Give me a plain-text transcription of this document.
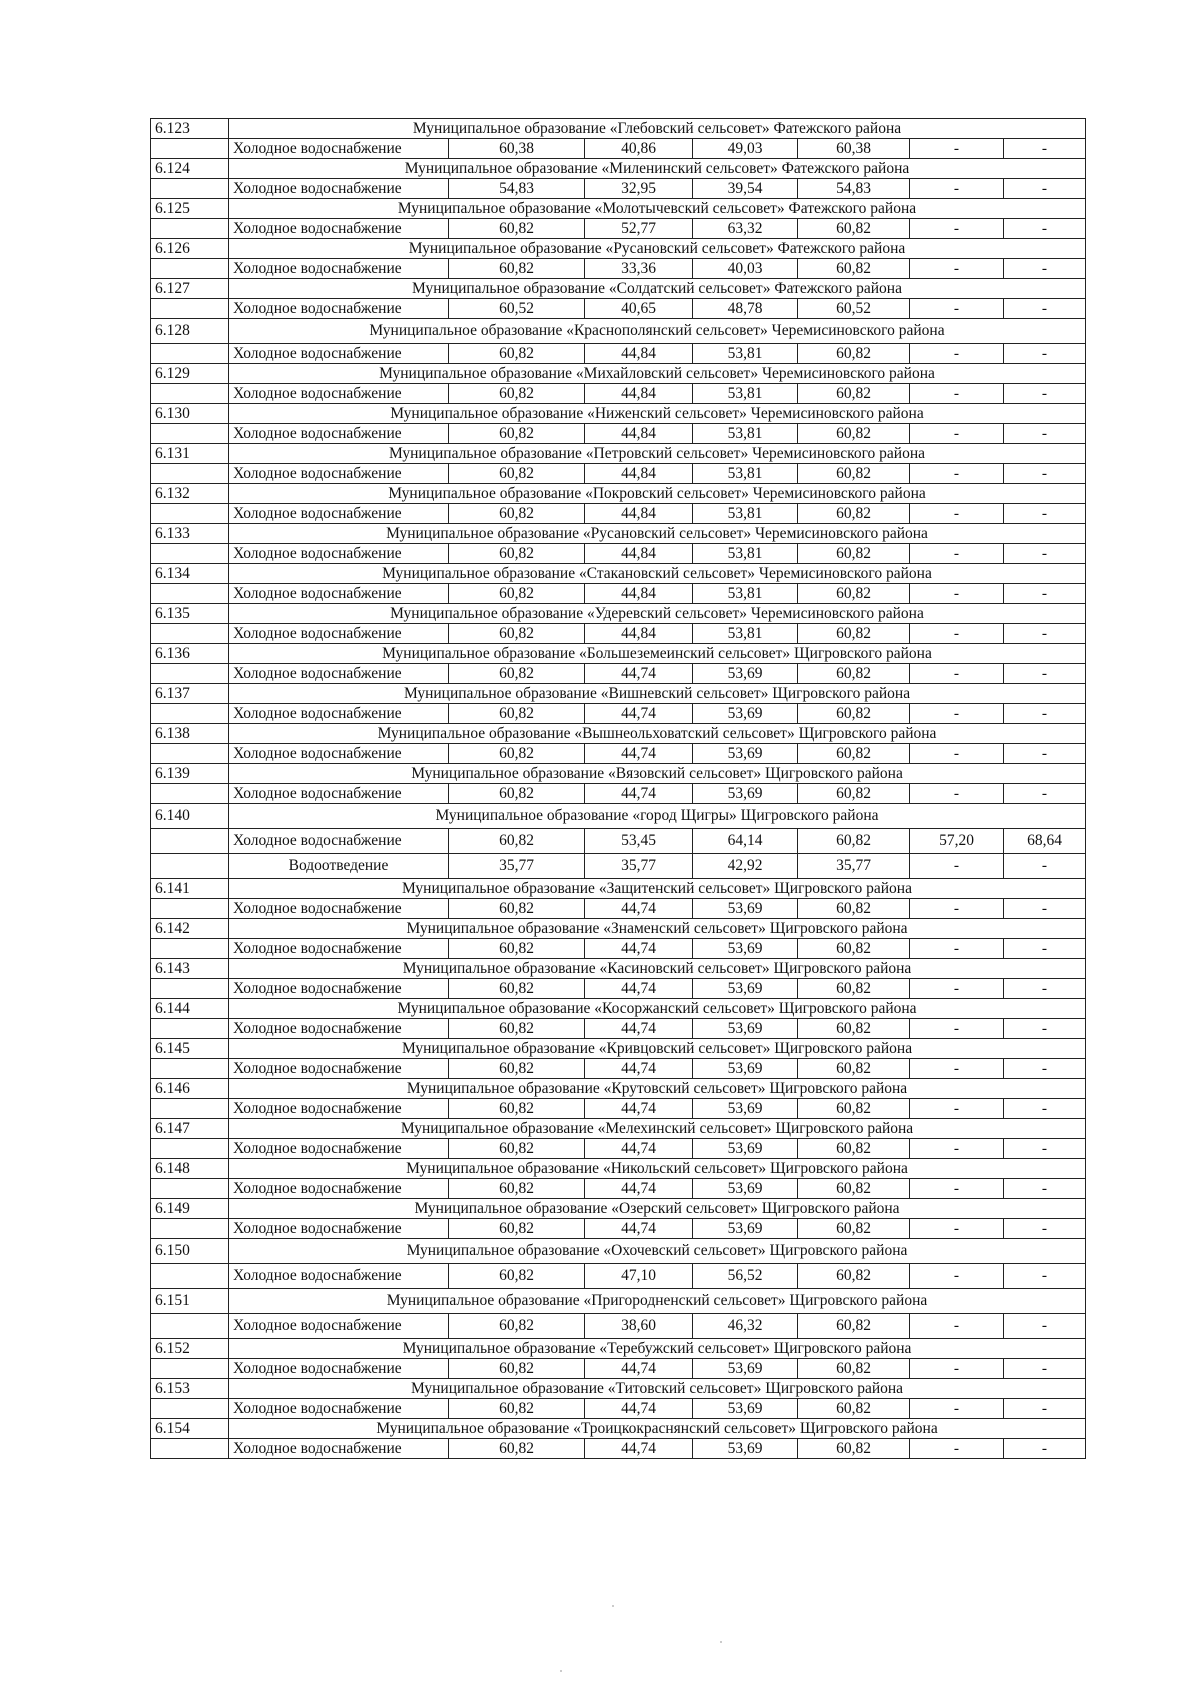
6.123	Муниципальное образование «Глебовский сельсовет» Фатежского района						
	Холодное водоснабжение	60,38	40,86	49,03	60,38	-	-
6.124	Муниципальное образование «Миленинский сельсовет» Фатежского района						
	Холодное водоснабжение	54,83	32,95	39,54	54,83	-	-
6.125	Муниципальное образование «Молотычевский сельсовет» Фатежского района						
	Холодное водоснабжение	60,82	52,77	63,32	60,82	-	-
6.126	Муниципальное образование «Русановский сельсовет» Фатежского района						
	Холодное водоснабжение	60,82	33,36	40,03	60,82	-	-
6.127	Муниципальное образование «Солдатский сельсовет» Фатежского района						
	Холодное водоснабжение	60,52	40,65	48,78	60,52	-	-
6.128	Муниципальное образование «Краснополянский сельсовет» Черемисиновского района						
	Холодное водоснабжение	60,82	44,84	53,81	60,82	-	-
6.129	Муниципальное образование «Михайловский сельсовет» Черемисиновского района						
	Холодное водоснабжение	60,82	44,84	53,81	60,82	-	-
6.130	Муниципальное образование «Ниженский сельсовет» Черемисиновского района						
	Холодное водоснабжение	60,82	44,84	53,81	60,82	-	-
6.131	Муниципальное образование «Петровский сельсовет» Черемисиновского района						
	Холодное водоснабжение	60,82	44,84	53,81	60,82	-	-
6.132	Муниципальное образование «Покровский сельсовет» Черемисиновского района						
	Холодное водоснабжение	60,82	44,84	53,81	60,82	-	-
6.133	Муниципальное образование «Русановский сельсовет» Черемисиновского района						
	Холодное водоснабжение	60,82	44,84	53,81	60,82	-	-
6.134	Муниципальное образование «Стакановский сельсовет» Черемисиновского района						
	Холодное водоснабжение	60,82	44,84	53,81	60,82	-	-
6.135	Муниципальное образование «Удеревский сельсовет» Черемисиновского района						
	Холодное водоснабжение	60,82	44,84	53,81	60,82	-	-
6.136	Муниципальное образование «Большеземеинский сельсовет» Щигровского района						
	Холодное водоснабжение	60,82	44,74	53,69	60,82	-	-
6.137	Муниципальное образование «Вишневский сельсовет» Щигровского района						
	Холодное водоснабжение	60,82	44,74	53,69	60,82	-	-
6.138	Муниципальное образование «Вышнеольховатский сельсовет» Щигровского района						
	Холодное водоснабжение	60,82	44,74	53,69	60,82	-	-
6.139	Муниципальное образование «Вязовский сельсовет» Щигровского района						
	Холодное водоснабжение	60,82	44,74	53,69	60,82	-	-
6.140	Муниципальное образование «город Щигры» Щигровского района						
	Холодное водоснабжение	60,82	53,45	64,14	60,82	57,20	68,64
	Водоотведение	35,77	35,77	42,92	35,77	-	-
6.141	Муниципальное образование «Защитенский сельсовет» Щигровского района						
	Холодное водоснабжение	60,82	44,74	53,69	60,82	-	-
6.142	Муниципальное образование «Знаменский сельсовет» Щигровского района						
	Холодное водоснабжение	60,82	44,74	53,69	60,82	-	-
6.143	Муниципальное образование «Касиновский сельсовет» Щигровского района						
	Холодное водоснабжение	60,82	44,74	53,69	60,82	-	-
6.144	Муниципальное образование «Косоржанский сельсовет» Щигровского района						
	Холодное водоснабжение	60,82	44,74	53,69	60,82	-	-
6.145	Муниципальное образование «Кривцовский сельсовет» Щигровского района						
	Холодное водоснабжение	60,82	44,74	53,69	60,82	-	-
6.146	Муниципальное образование «Крутовский сельсовет» Щигровского района						
	Холодное водоснабжение	60,82	44,74	53,69	60,82	-	-
6.147	Муниципальное образование «Мелехинский сельсовет» Щигровского района						
	Холодное водоснабжение	60,82	44,74	53,69	60,82	-	-
6.148	Муниципальное образование «Никольский сельсовет» Щигровского района						
	Холодное водоснабжение	60,82	44,74	53,69	60,82	-	-
6.149	Муниципальное образование «Озерский сельсовет» Щигровского района						
	Холодное водоснабжение	60,82	44,74	53,69	60,82	-	-
6.150	Муниципальное образование «Охочевский сельсовет» Щигровского района						
	Холодное водоснабжение	60,82	47,10	56,52	60,82	-	-
6.151	Муниципальное образование «Пригородненский сельсовет» Щигровского района						
	Холодное водоснабжение	60,82	38,60	46,32	60,82	-	-
6.152	Муниципальное образование «Теребужский сельсовет» Щигровского района						
	Холодное водоснабжение	60,82	44,74	53,69	60,82	-	-
6.153	Муниципальное образование «Титовский сельсовет» Щигровского района						
	Холодное водоснабжение	60,82	44,74	53,69	60,82	-	-
6.154	Муниципальное образование «Троицкокраснянский сельсовет» Щигровского района						
	Холодное водоснабжение	60,82	44,74	53,69	60,82	-	-
